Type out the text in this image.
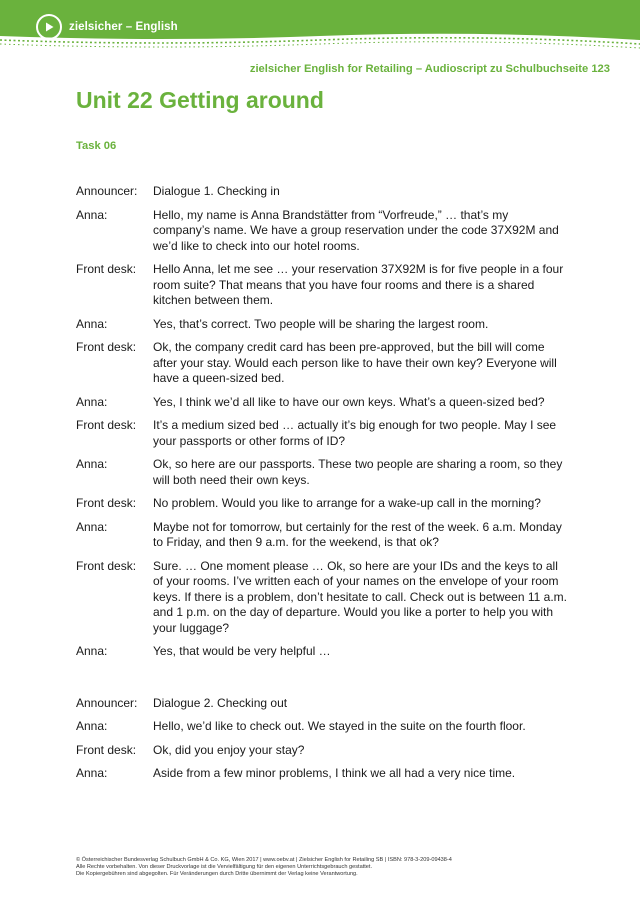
zielsicher – English
zielsicher English for Retailing – Audioscript zu Schulbuchseite 123
Unit 22 Getting around
Task 06
Announcer:	Dialogue 1. Checking in
Anna:	Hello, my name is Anna Brandstätter from “Vorfreude,” … that’s my company’s name. We have a group reservation under the code 37X92M and we’d like to check into our hotel rooms.
Front desk:	Hello Anna, let me see … your reservation 37X92M is for five people in a four room suite? That means that you have four rooms and there is a shared kitchen between them.
Anna:	Yes, that’s correct. Two people will be sharing the largest room.
Front desk:	Ok, the company credit card has been pre-approved, but the bill will come after your stay. Would each person like to have their own key? Everyone will have a queen-sized bed.
Anna:	Yes, I think we’d all like to have our own keys. What’s a queen-sized bed?
Front desk:	It’s a medium sized bed … actually it’s big enough for two people. May I see your passports or other forms of ID?
Anna:	Ok, so here are our passports. These two people are sharing a room, so they will both need their own keys.
Front desk:	No problem. Would you like to arrange for a wake-up call in the morning?
Anna:	Maybe not for tomorrow, but certainly for the rest of the week. 6 a.m. Monday to Friday, and then 9 a.m. for the weekend, is that ok?
Front desk:	Sure. … One moment please … Ok, so here are your IDs and the keys to all of your rooms. I’ve written each of your names on the envelope of your room keys. If there is a problem, don’t hesitate to call. Check out is between 11 a.m. and 1 p.m. on the day of departure. Would you like a porter to help you with your luggage?
Anna:	Yes, that would be very helpful …
Announcer:	Dialogue 2. Checking out
Anna:	Hello, we’d like to check out. We stayed in the suite on the fourth floor.
Front desk:	Ok, did you enjoy your stay?
Anna:	Aside from a few minor problems, I think we all had a very nice time.
© Österreichischer Bundesverlag Schulbuch GmbH & Co. KG, Wien 2017 | www.oebv.at | Zielsicher English for Retailing SB | ISBN: 978-3-209-09438-4
Alle Rechte vorbehalten. Von dieser Druckvorlage ist die Vervielfältigung für den eigenen Unterrichtsgebrauch gestattet.
Die Kopiergebühren sind abgegolten. Für Veränderungen durch Dritte übernimmt der Verlag keine Verantwortung.
